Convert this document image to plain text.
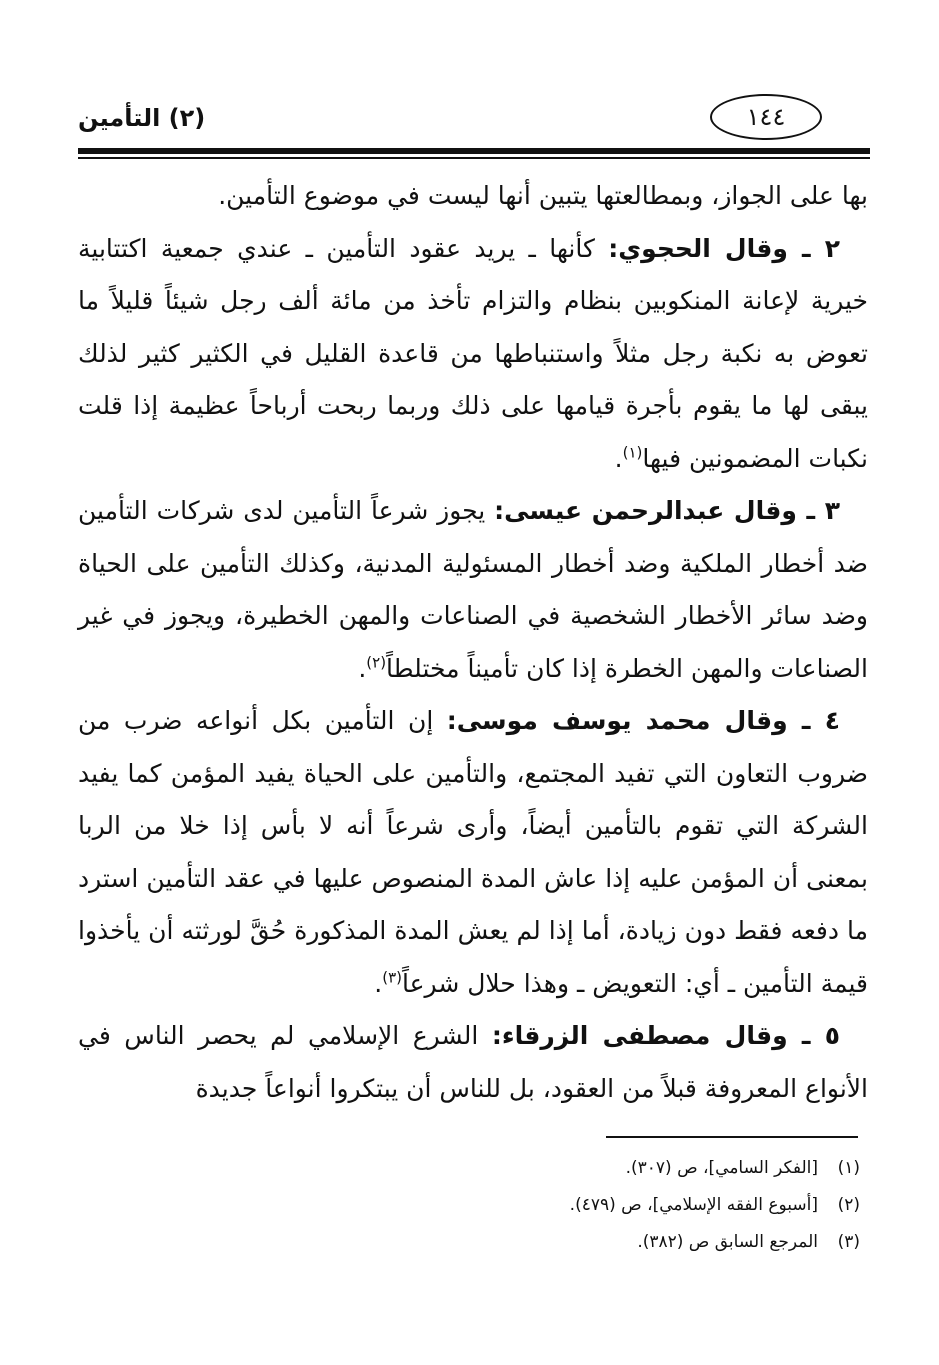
(٢) التأمين	١٤٤

بها على الجواز، وبمطالعتها يتبين أنها ليست في موضوع التأمين.

٢ ـ وقال الحجوي: كأنها ـ يريد عقود التأمين ـ عندي جمعية اكتتابية خيرية لإعانة المنكوبين بنظام والتزام تأخذ من مائة ألف رجل شيئاً قليلاً ما تعوض به نكبة رجل مثلاً واستنباطها من قاعدة القليل في الكثير كثير لذلك يبقى لها ما يقوم بأجرة قيامها على ذلك وربما ربحت أرباحاً عظيمة إذا قلت نكبات المضمونين فيها$^{(١)}$.

٣ ـ وقال عبدالرحمن عيسى: يجوز شرعاً التأمين لدى شركات التأمين ضد أخطار الملكية وضد أخطار المسئولية المدنية، وكذلك التأمين على الحياة وضد سائر الأخطار الشخصية في الصناعات والمهن الخطيرة، ويجوز في غير الصناعات والمهن الخطرة إذا كان تأميناً مختلطاً$^{(٢)}$.

٤ ـ وقال محمد يوسف موسى: إن التأمين بكل أنواعه ضرب من ضروب التعاون التي تفيد المجتمع، والتأمين على الحياة يفيد المؤمن كما يفيد الشركة التي تقوم بالتأمين أيضاً، وأرى شرعاً أنه لا بأس إذا خلا من الربا بمعنى أن المؤمن عليه إذا عاش المدة المنصوص عليها في عقد التأمين استرد ما دفعه فقط دون زيادة، أما إذا لم يعش المدة المذكورة حُقَّ لورثته أن يأخذوا قيمة التأمين ـ أي: التعويض ـ وهذا حلال شرعاً$^{(٣)}$.

٥ ـ وقال مصطفى الزرقاء: الشرع الإسلامي لم يحصر الناس في الأنواع المعروفة قبلاً من العقود، بل للناس أن يبتكروا أنواعاً جديدة

(١)
[الفكر السامي]، ص (٣٠٧).
(٢)
[أسبوع الفقه الإسلامي]، ص (٤٧٩).
(٣)
المرجع السابق ص (٣٨٢).
